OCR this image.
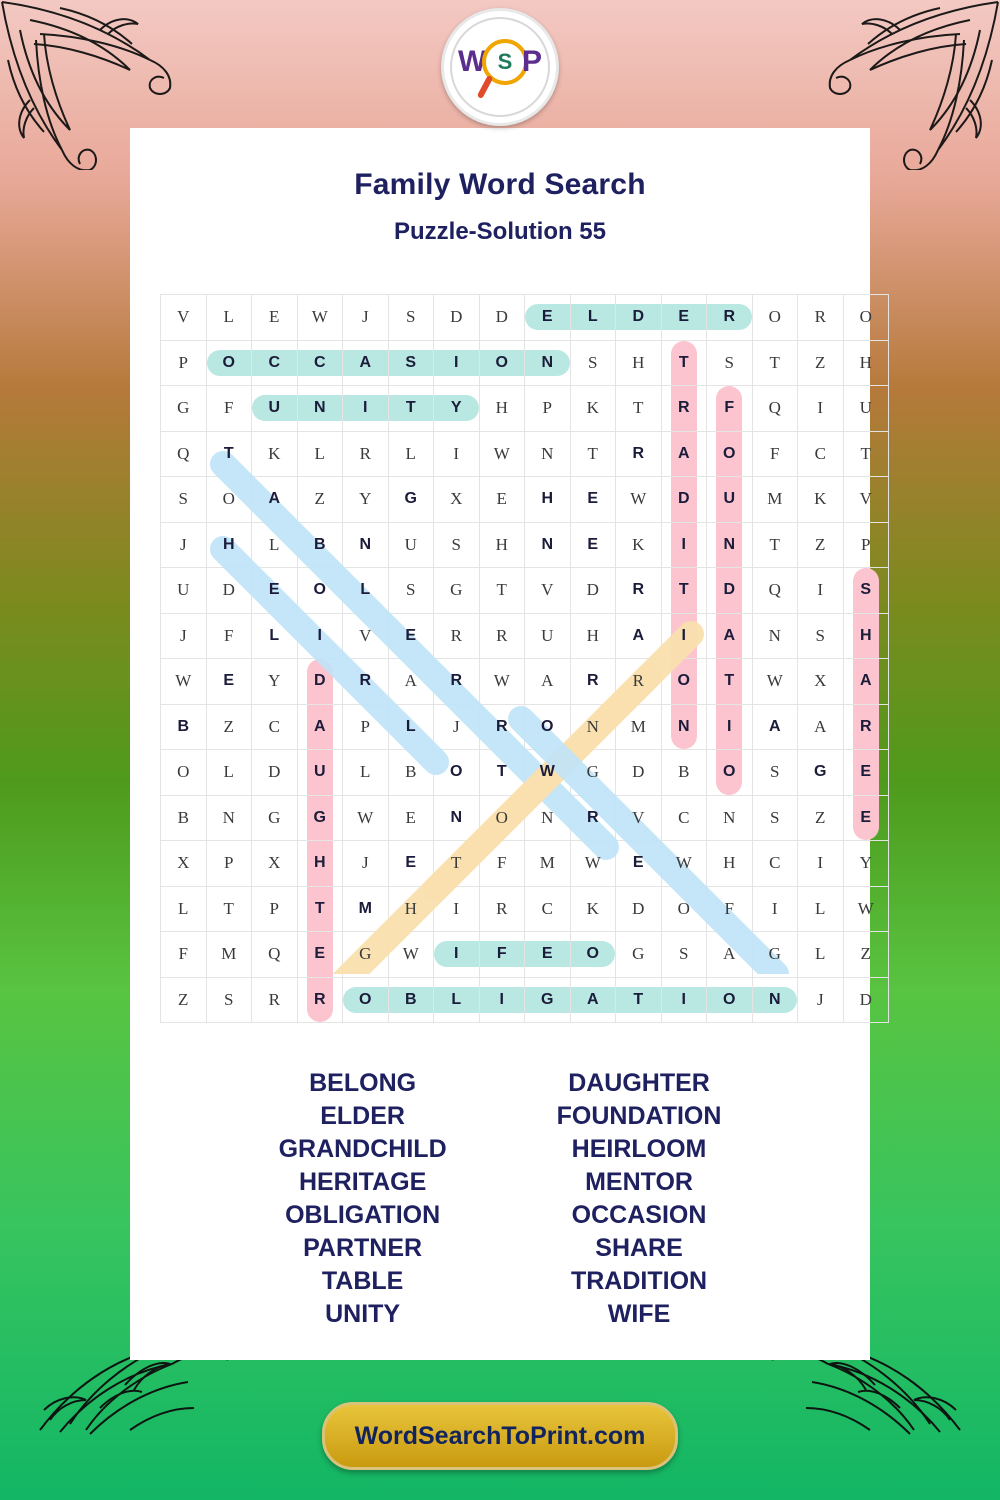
W S P
Family Word Search
Puzzle-Solution 55
V	L	E	W	J	S	D	D	E	L	D	E	R	O	R	O
P	O	C	C	A	S	I	O	N	S	H	T	S	T	Z	H
G	F	U	N	I	T	Y	H	P	K	T	R	F	Q	I	U
Q	T	K	L	R	L	I	W	N	T	R	A	O	F	C	T
S	O	A	Z	Y	G	X	E	H	E	W	D	U	M	K	V
J	H	L	B	N	U	S	H	N	E	K	I	N	T	Z	P
U	D	E	O	L	S	G	T	V	D	R	T	D	Q	I	S
J	F	L	I	V	E	R	R	U	H	A	I	A	N	S	H
W	E	Y	D	R	A	R	W	A	R	R	O	T	W	X	A
B	Z	C	A	P	L	J	R	O	N	M	N	I	A	A	R
O	L	D	U	L	B	O	T	W	G	D	B	O	S	G	E
B	N	G	G	W	E	N	O	N	R	V	C	N	S	Z	E
X	P	X	H	J	E	T	F	M	W	E	W	H	C	I	Y
L	T	P	T	M	H	I	R	C	K	D	O	F	I	L	W
F	M	Q	E	G	W	I	F	E	O	G	S	A	G	L	Z
Z	S	R	R	O	B	L	I	G	A	T	I	O	N	J	D
BELONG
ELDER
GRANDCHILD
HERITAGE
OBLIGATION
PARTNER
TABLE
UNITY
DAUGHTER
FOUNDATION
HEIRLOOM
MENTOR
OCCASION
SHARE
TRADITION
WIFE
WordSearchToPrint.com
